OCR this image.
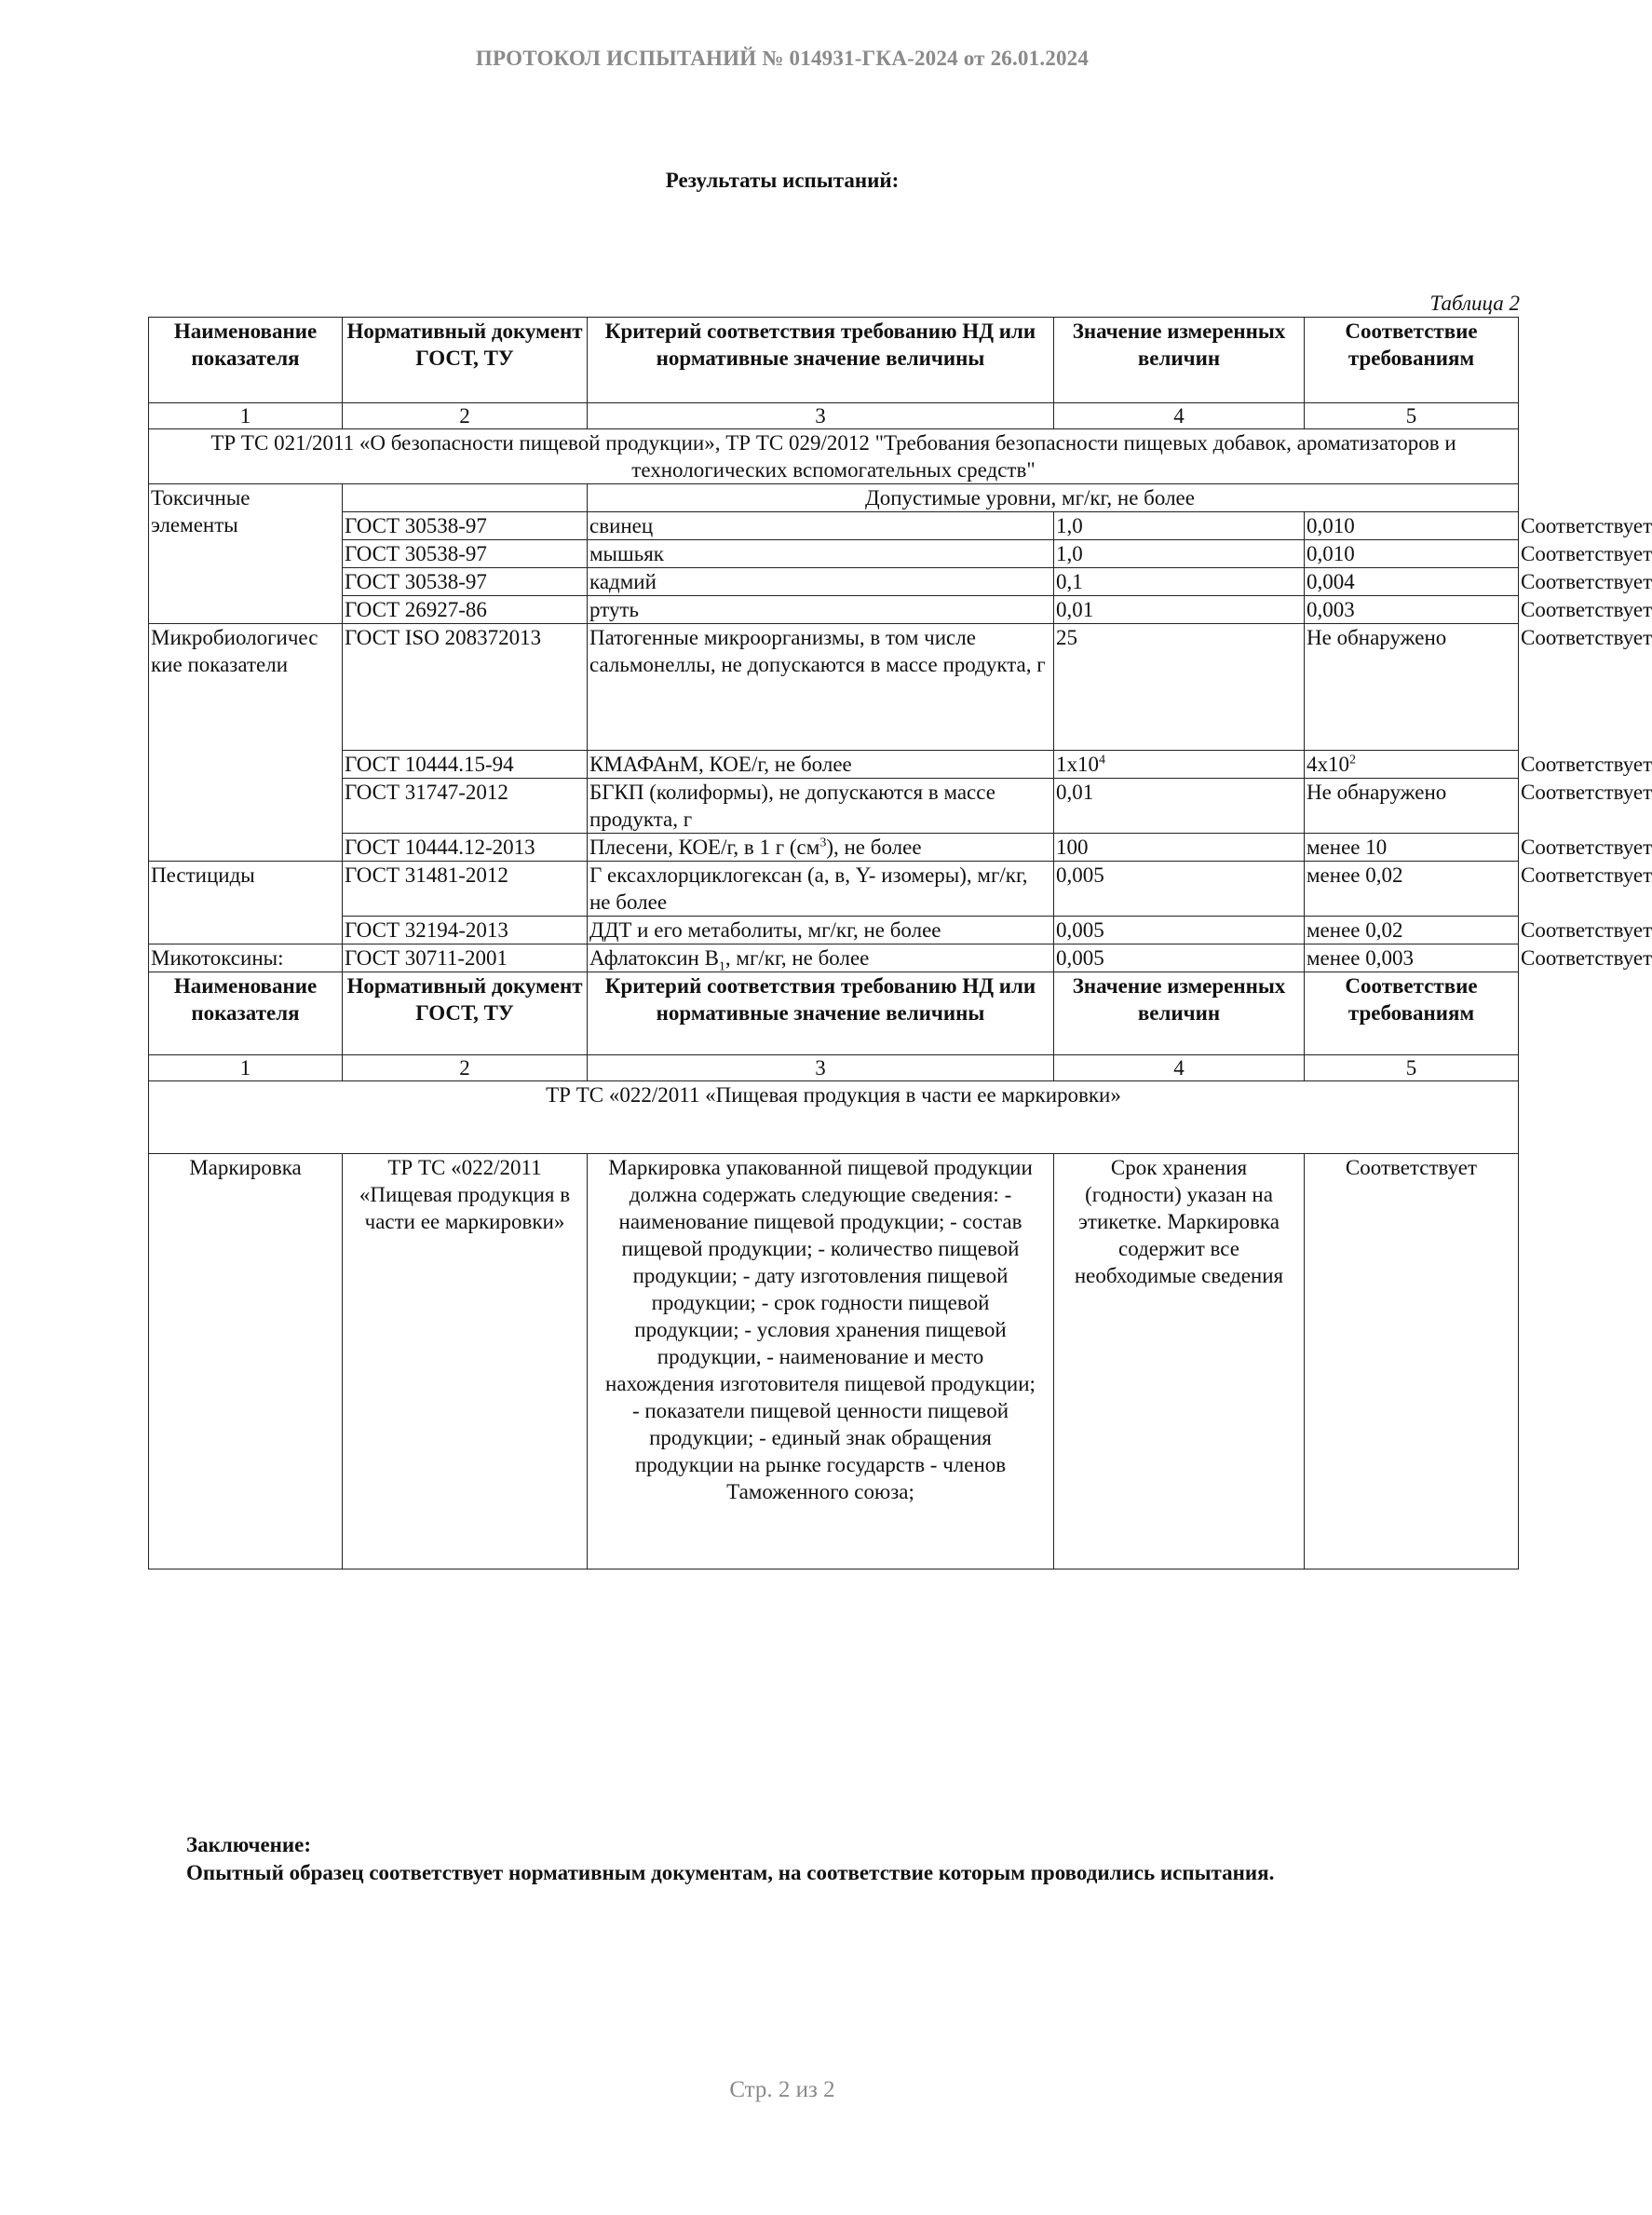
ПРОТОКОЛ ИСПЫТАНИЙ № 014931-ГКА-2024 от 26.01.2024
Результаты испытаний:
Таблица 2
Наименование показателя	Нормативный документ ГОСТ, ТУ	Критерий соответствия требованию НД или нормативные значение величины	Значение измеренных величин	Соответствие требованиям	
1	2	3	4	5	
ТР ТС 021/2011 «О безопасности пищевой продукции», ТР ТС 029/2012 "Требования безопасности пищевых добавок, ароматизаторов и технологических вспомогательных средств"					
Токсичные элементы		Допустимые уровни, мг/кг, не более			
	ГОСТ 30538-97	свинец	1,0	0,010	Соответствует
	ГОСТ 30538-97	мышьяк	1,0	0,010	Соответствует
	ГОСТ 30538-97	кадмий	0,1	0,004	Соответствует
	ГОСТ 26927-86	ртуть	0,01	0,003	Соответствует
Микробиологичес кие показатели	ГОСТ ISO 208372013	Патогенные микроорганизмы, в том числе сальмонеллы, не допускаются в массе продукта, г	25	Не обнаружено	Соответствует
	ГОСТ 10444.15-94	КМАФАнМ, КОЕ/г, не более	$1x10^4$	$4x10^2$	Соответствует
	ГОСТ 31747-2012	БГКП (колиформы), не допускаются в массе продукта, г	0,01	Не обнаружено	Соответствует
	ГОСТ 10444.12-2013	Плесени, КОЕ/г, в 1 г $(см^3)$, не более	100	менее 10	Соответствует
Пестициды	ГОСТ 31481-2012	Г ексахлорциклогексан (а, в, Y- изомеры), мг/кг, не более	0,005	менее 0,02	Соответствует
	ГОСТ 32194-2013	ДДТ и его метаболиты, мг/кг, не более	0,005	менее 0,02	Соответствует
Микотоксины:	ГОСТ 30711-2001	Афлатоксин $B_1$, мг/кг, не более	0,005	менее 0,003	Соответствует
Наименование показателя	Нормативный документ ГОСТ, ТУ	Критерий соответствия требованию НД или нормативные значение величины	Значение измеренных величин	Соответствие требованиям	
1	2	3	4	5	
ТР ТС «022/2011 «Пищевая продукция в части ее маркировки»					
Маркировка	ТР ТС «022/2011 «Пищевая продукция в части ее маркировки»	Маркировка упакованной пищевой продукции должна содержать следующие сведения: - наименование пищевой продукции; - состав пищевой продукции; - количество пищевой продукции; - дату изготовления пищевой продукции; - срок годности пищевой продукции; - условия хранения пищевой продукции, - наименование и место нахождения изготовителя пищевой продукции; - показатели пищевой ценности пищевой продукции; - единый знак обращения продукции на рынке государств - членов Таможенного союза;	Срок хранения (годности) указан на этикетке. Маркировка содержит все необходимые сведения	Соответствует	
Заключение:
Опытный образец соответствует нормативным документам, на соответствие которым проводились испытания.
Стр. 2 из 2
